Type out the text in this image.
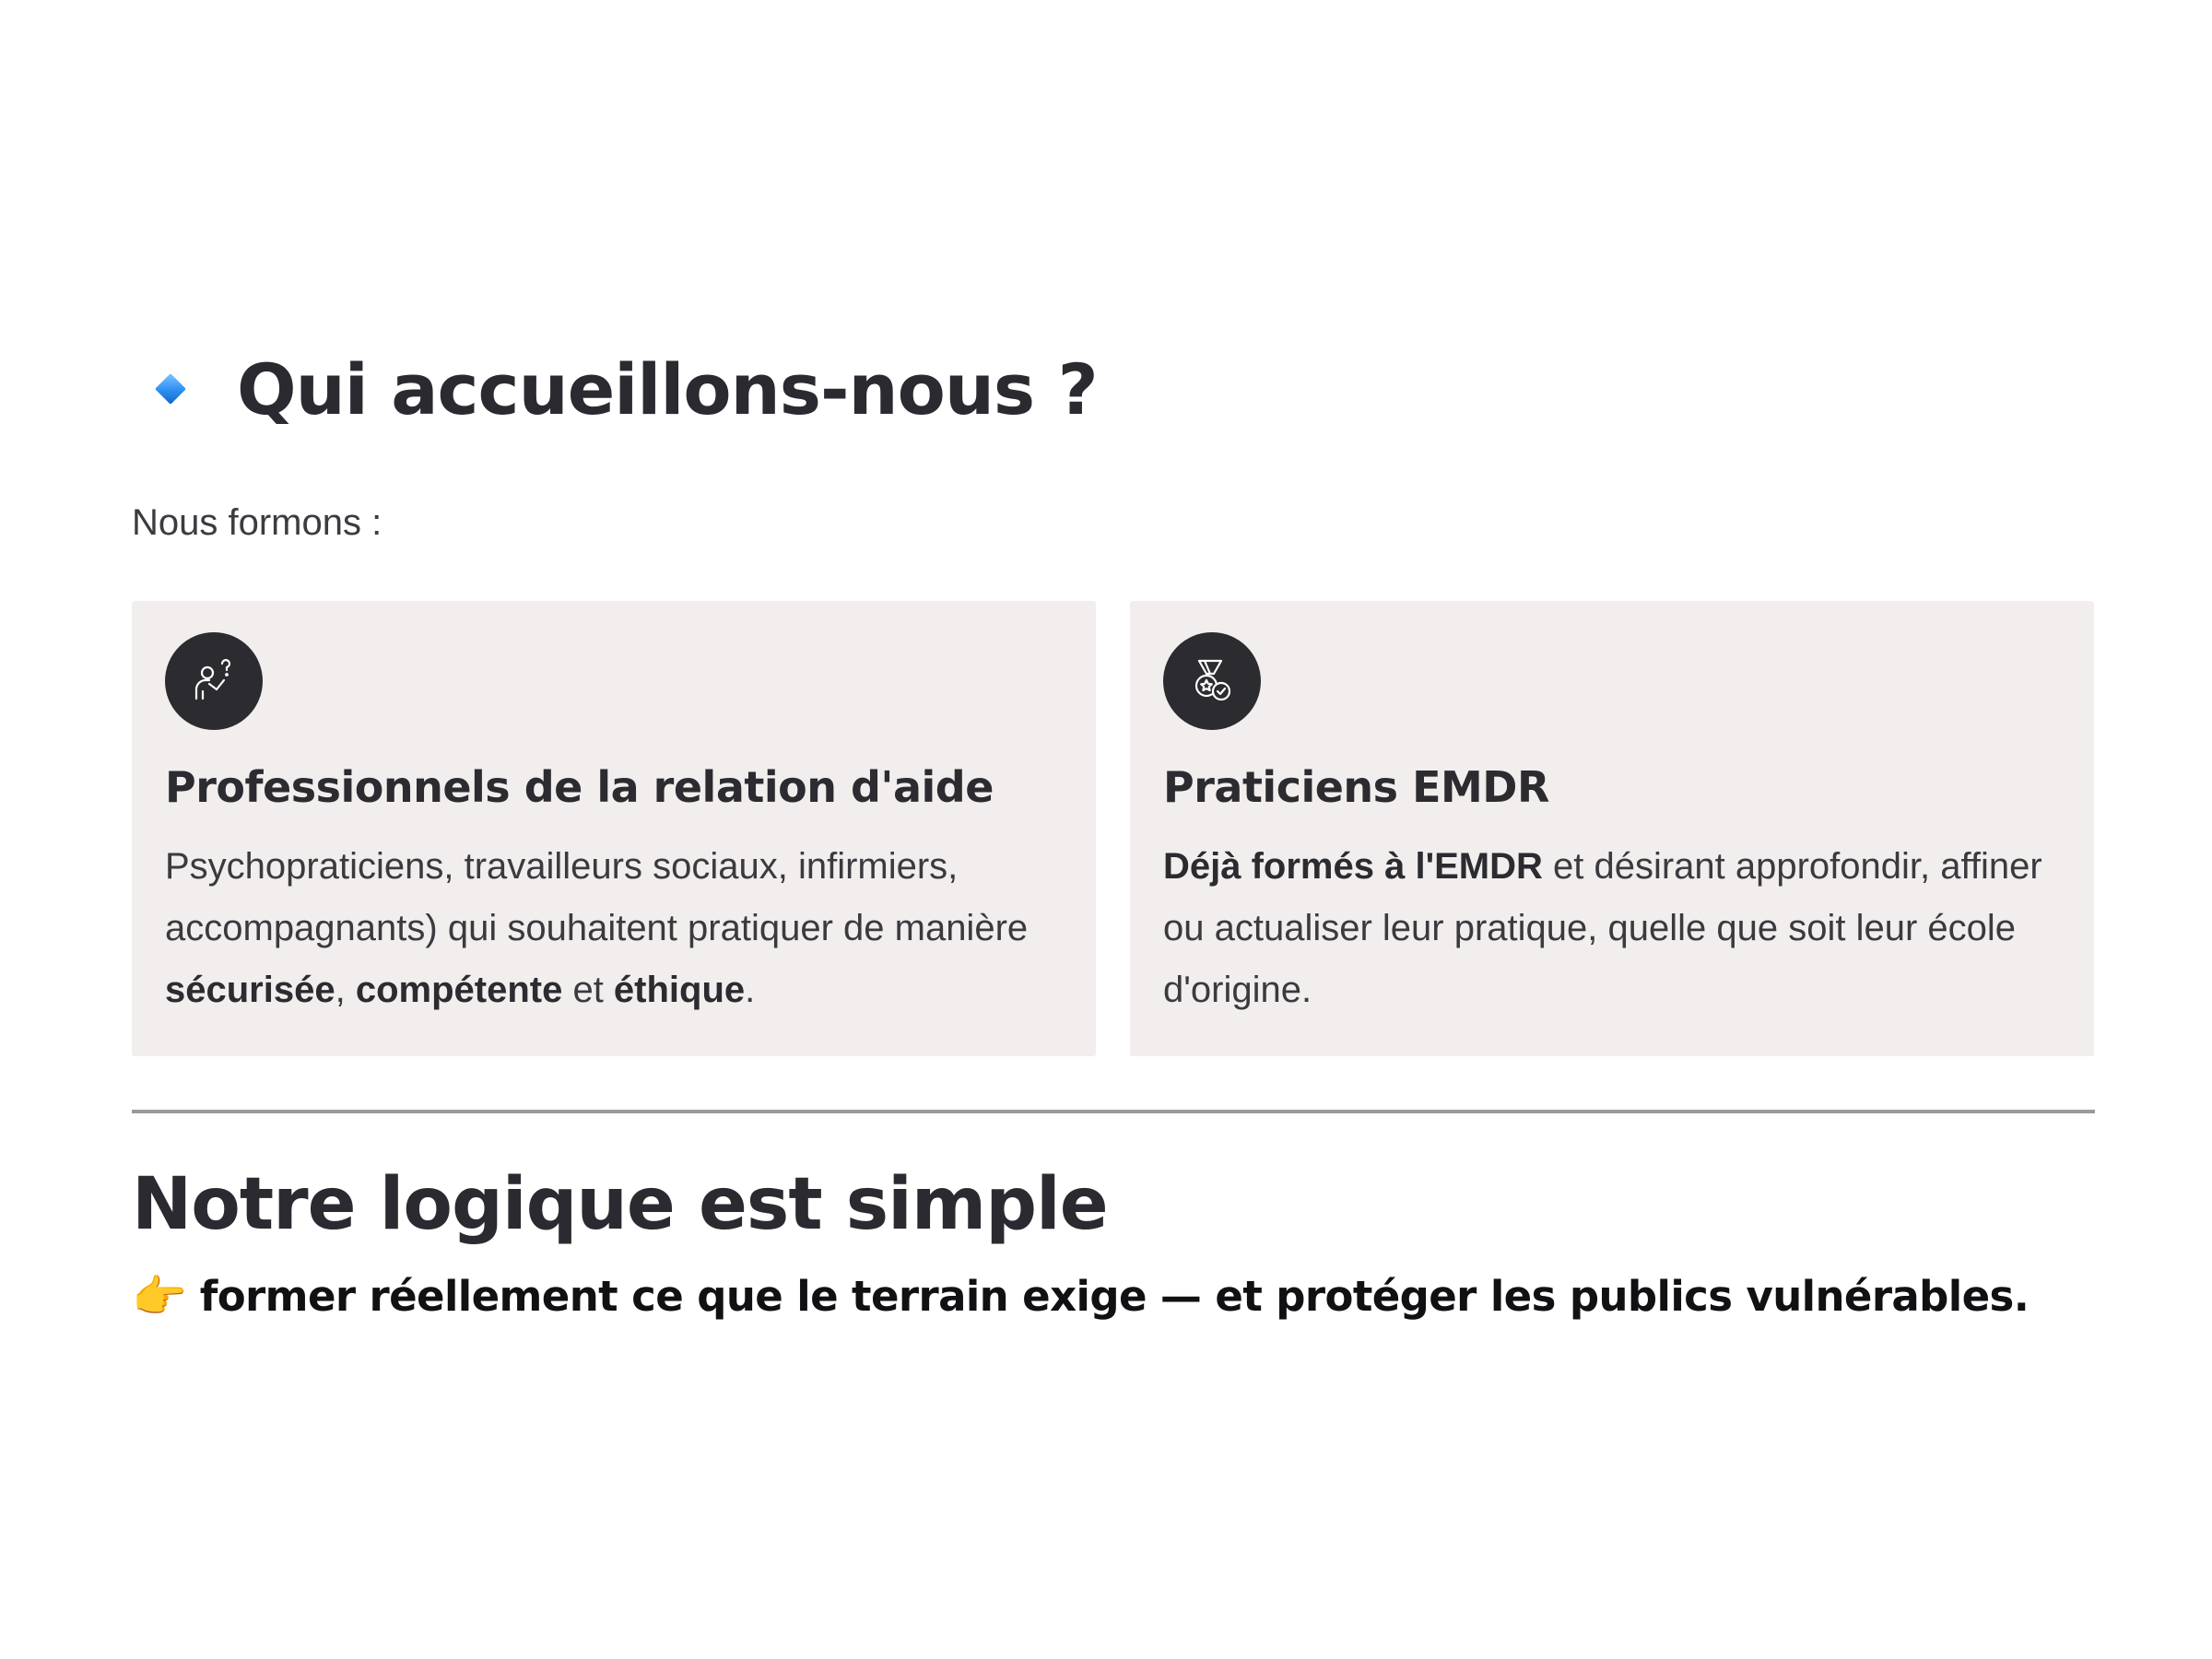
Qui accueillons-nous ?
Nous formons :
Professionnels de la relation d'aide
Psychopraticiens, travailleurs sociaux, infirmiers, accompagnants) qui souhaitent pratiquer de manière sécurisée, compétente et éthique.
Praticiens EMDR
Déjà formés à l'EMDR et désirant approfondir, affiner ou actualiser leur pratique, quelle que soit leur école d'origine.
Notre logique est simple
👉 former réellement ce que le terrain exige — et protéger les publics vulnérables.
